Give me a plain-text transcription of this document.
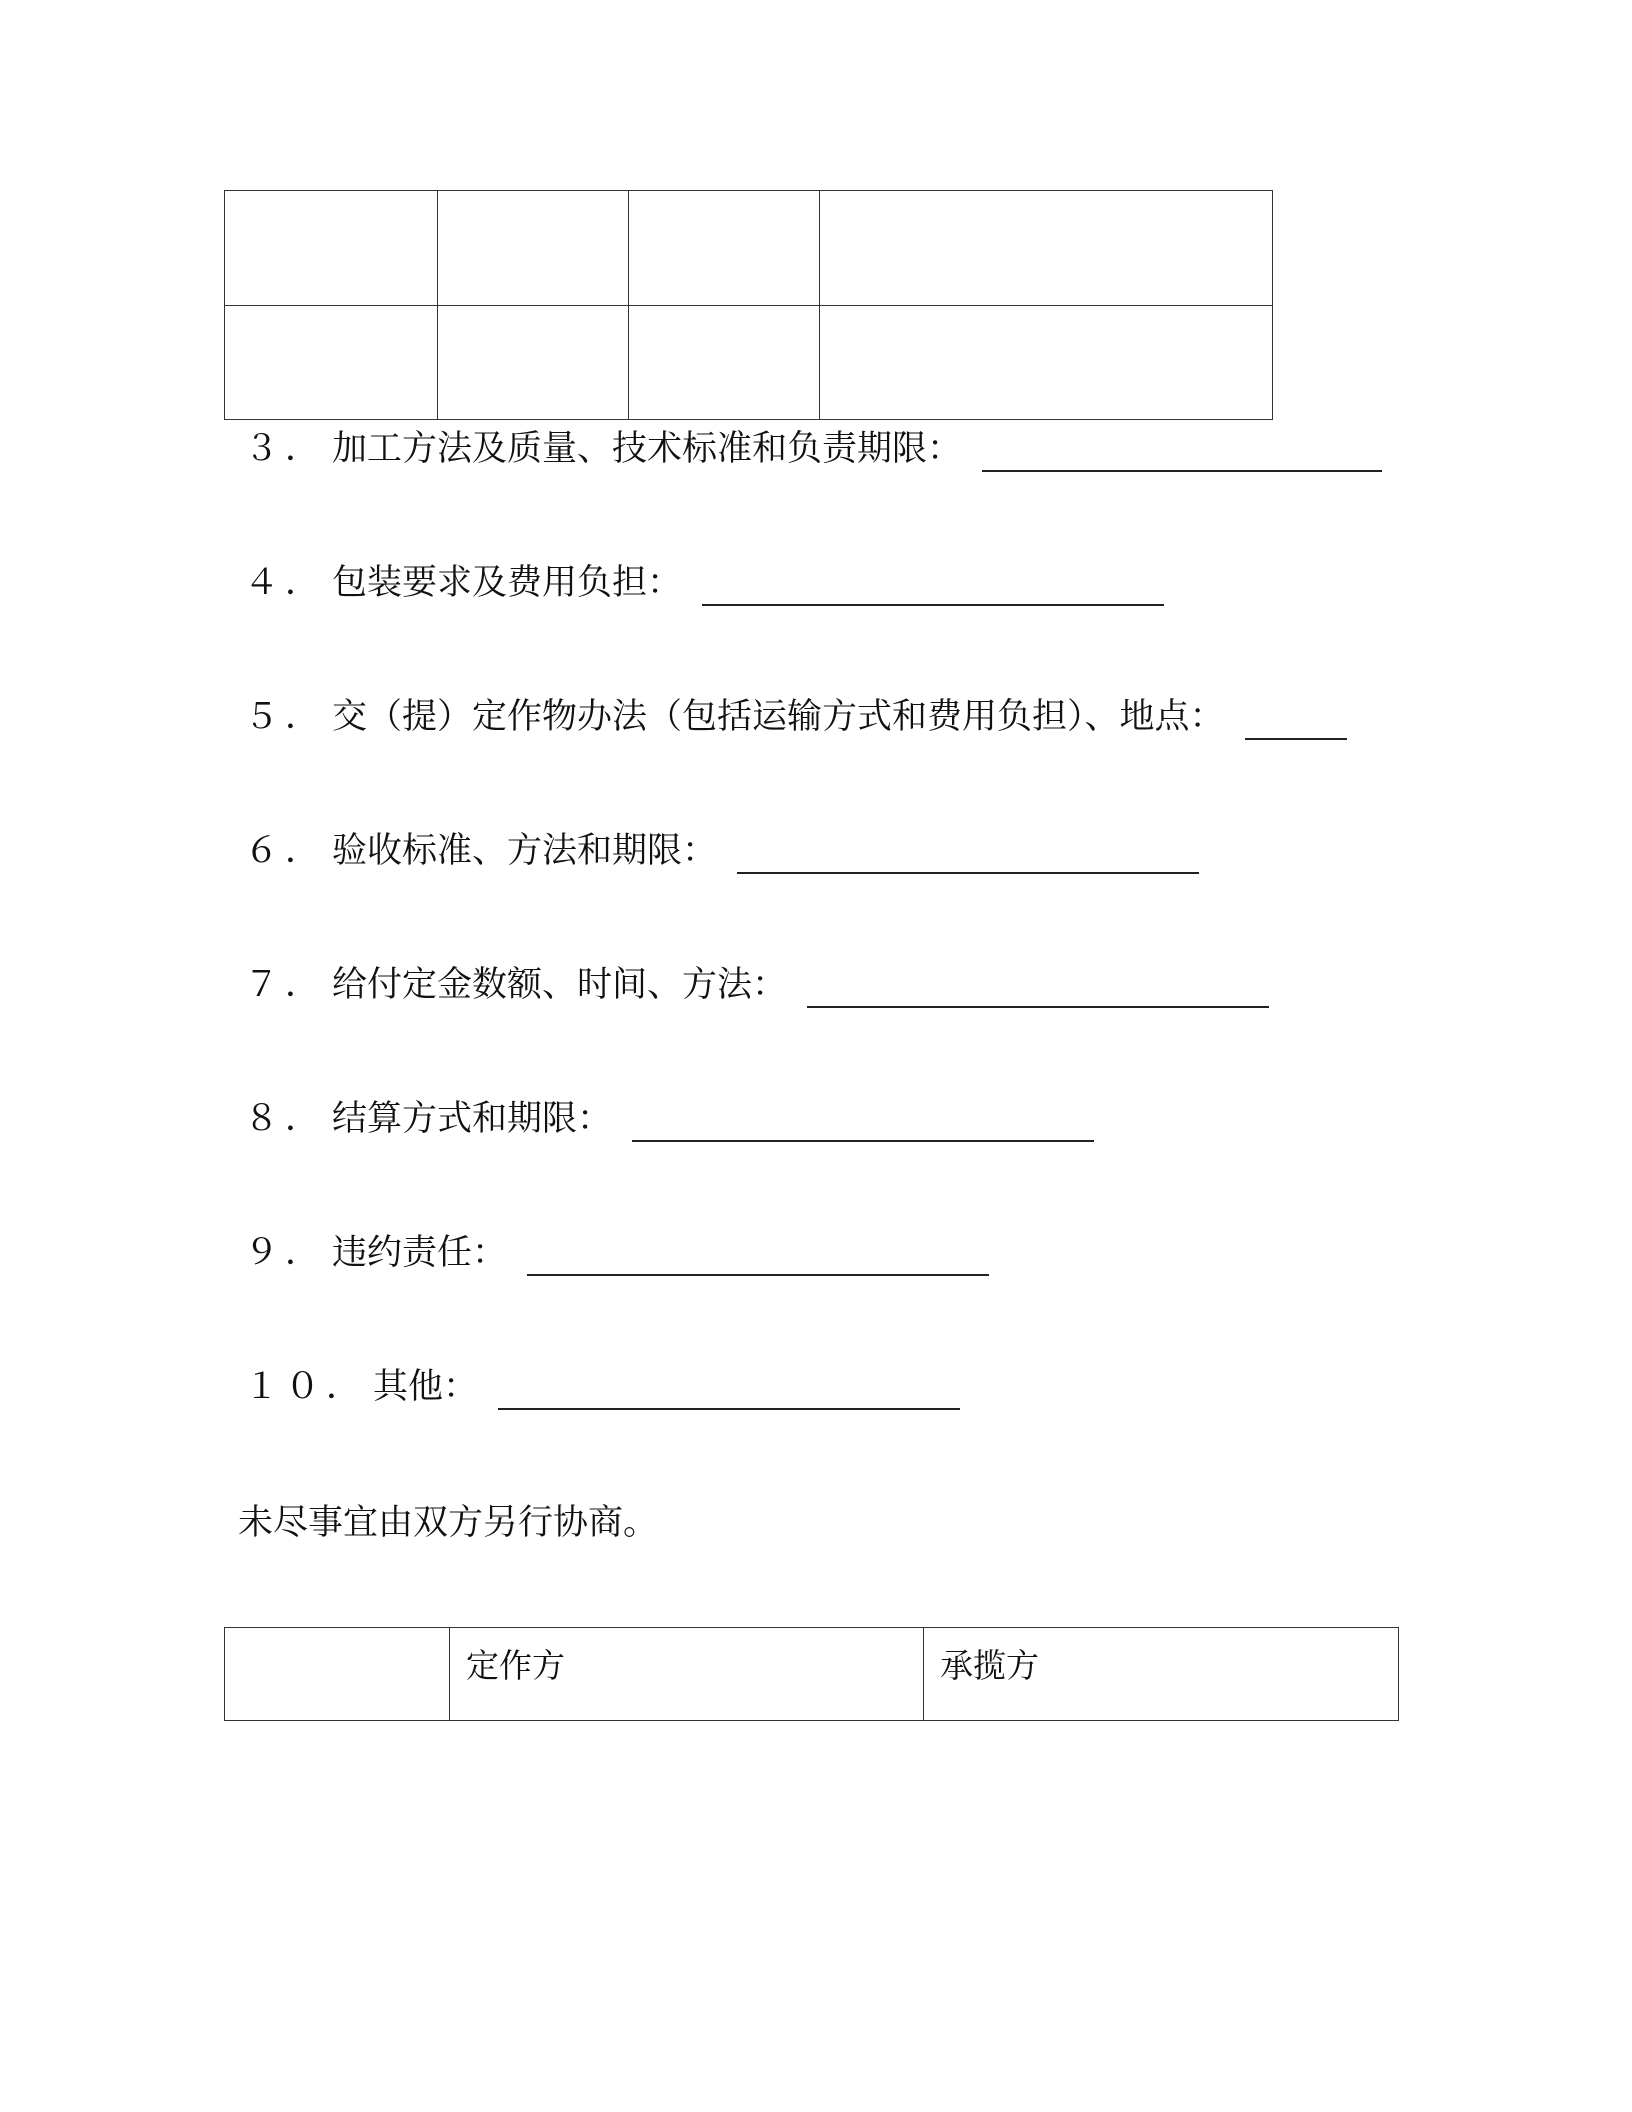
３． 加工方法及质量、技术标准和负责期限：
４． 包装要求及费用负担：
５． 交（提）定作物办法（包括运输方式和费用负担）、地点：
６． 验收标准、方法和期限：
７． 给付定金数额、时间、方法：
８． 结算方式和期限：
９． 违约责任：
１０． 其他：
未尽事宜由双方另行协商。
	定作方	承揽方
